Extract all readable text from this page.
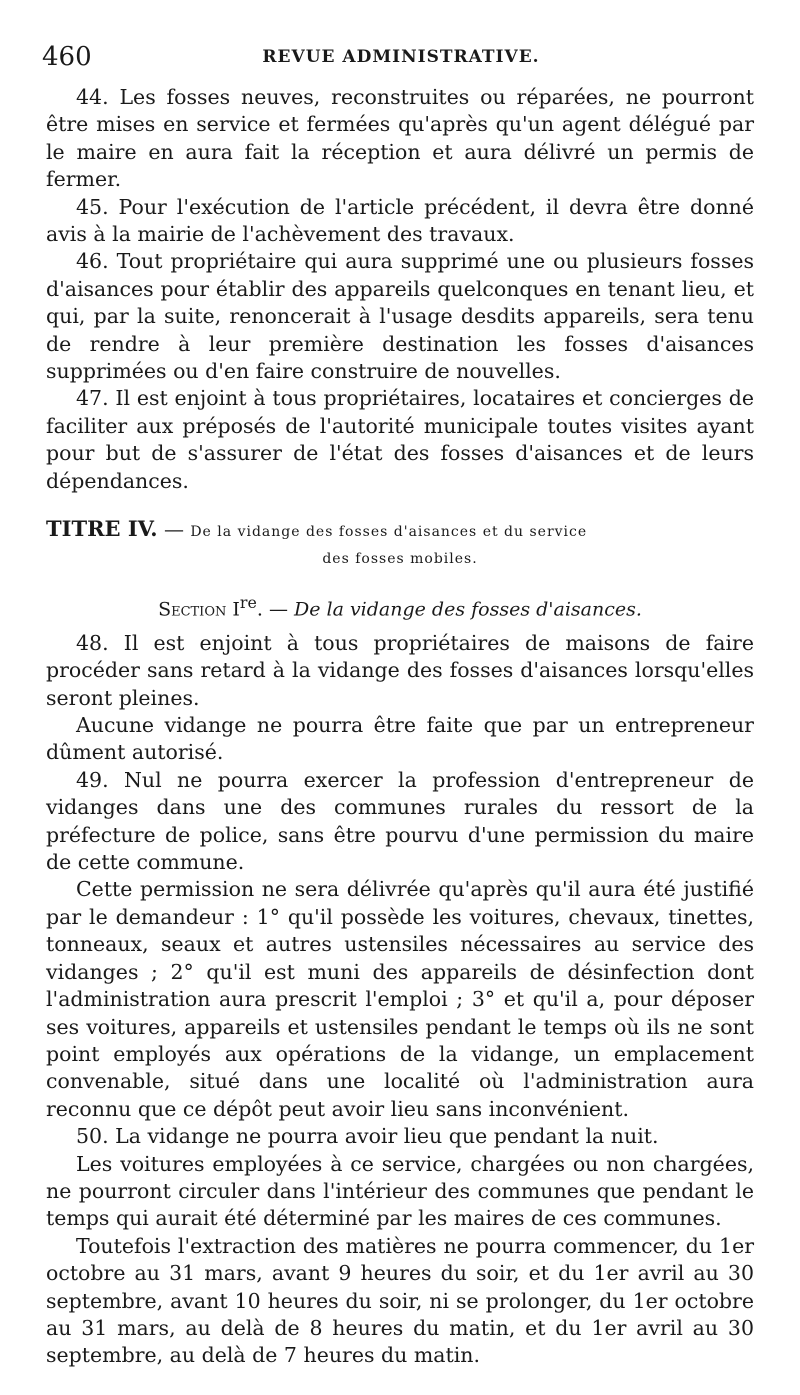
460	REVUE ADMINISTRATIVE.

44. Les fosses neuves, reconstruites ou réparées, ne pourront être mises en service et fermées qu'après qu'un agent délégué par le maire en aura fait la réception et aura délivré un permis de fermer.

45. Pour l'exécution de l'article précédent, il devra être donné avis à la mairie de l'achèvement des travaux.

46. Tout propriétaire qui aura supprimé une ou plusieurs fosses d'aisances pour établir des appareils quelconques en tenant lieu, et qui, par la suite, renoncerait à l'usage desdits appareils, sera tenu de rendre à leur première destination les fosses d'aisances supprimées ou d'en faire construire de nouvelles.

47. Il est enjoint à tous propriétaires, locataires et concierges de faciliter aux préposés de l'autorité municipale toutes visites ayant pour but de s'assurer de l'état des fosses d'aisances et de leurs dépendances.

TITRE IV. — De la vidange des fosses d'aisances et du service
des fosses mobiles.
Section Ire. — De la vidange des fosses d'aisances.

48. Il est enjoint à tous propriétaires de maisons de faire procéder sans retard à la vidange des fosses d'aisances lorsqu'elles seront pleines.

Aucune vidange ne pourra être faite que par un entrepreneur dûment autorisé.

49. Nul ne pourra exercer la profession d'entrepreneur de vidanges dans une des communes rurales du ressort de la préfecture de police, sans être pourvu d'une permission du maire de cette commune.

Cette permission ne sera délivrée qu'après qu'il aura été justifié par le demandeur : 1° qu'il possède les voitures, chevaux, tinettes, tonneaux, seaux et autres ustensiles nécessaires au service des vidanges ; 2° qu'il est muni des appareils de désinfection dont l'administration aura prescrit l'emploi ; 3° et qu'il a, pour déposer ses voitures, appareils et ustensiles pendant le temps où ils ne sont point employés aux opérations de la vidange, un emplacement convenable, situé dans une localité où l'administration aura reconnu que ce dépôt peut avoir lieu sans inconvénient.

50. La vidange ne pourra avoir lieu que pendant la nuit.

Les voitures employées à ce service, chargées ou non chargées, ne pourront circuler dans l'intérieur des communes que pendant le temps qui aurait été déterminé par les maires de ces communes.

Toutefois l'extraction des matières ne pourra commencer, du 1er octobre au 31 mars, avant 9 heures du soir, et du 1er avril au 30 septembre, avant 10 heures du soir, ni se prolonger, du 1er octobre au 31 mars, au delà de 8 heures du matin, et du 1er avril au 30 septembre, au delà de 7 heures du matin.
